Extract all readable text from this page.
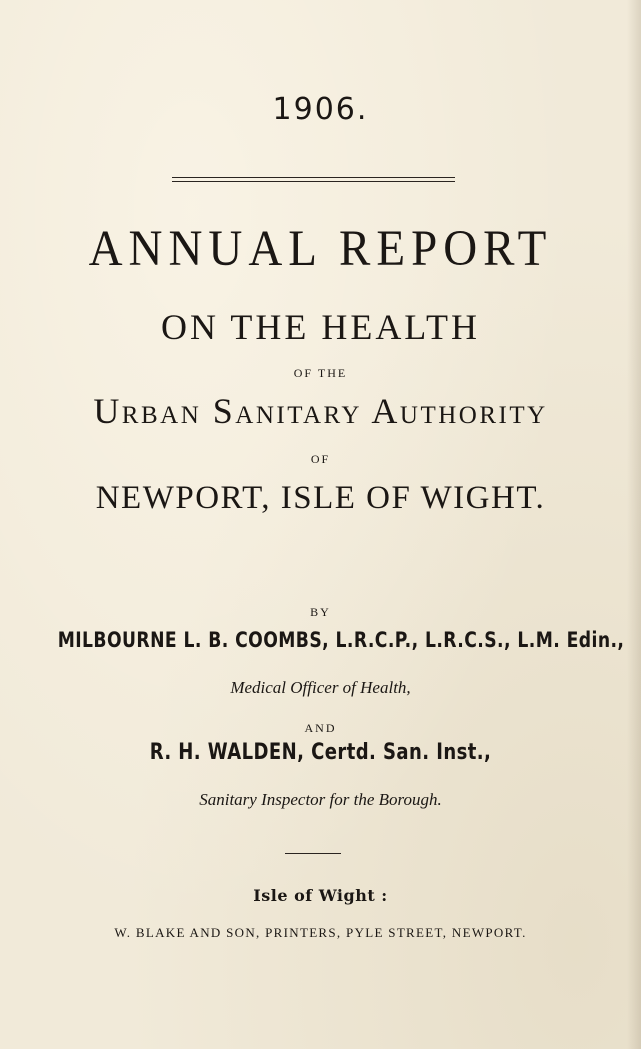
1906.
ANNUAL REPORT
ON THE HEALTH
OF THE
Urban Sanitary Authority
OF
NEWPORT, ISLE OF WIGHT.
BY
MILBOURNE L. B. COOMBS, L.R.C.P., L.R.C.S., L.M. Edin.,
Medical Officer of Health,
AND
R. H. WALDEN, Certd. San. Inst.,
Sanitary Inspector for the Borough.
Isle of Wight :
W. BLAKE AND SON, PRINTERS, PYLE STREET, NEWPORT.
